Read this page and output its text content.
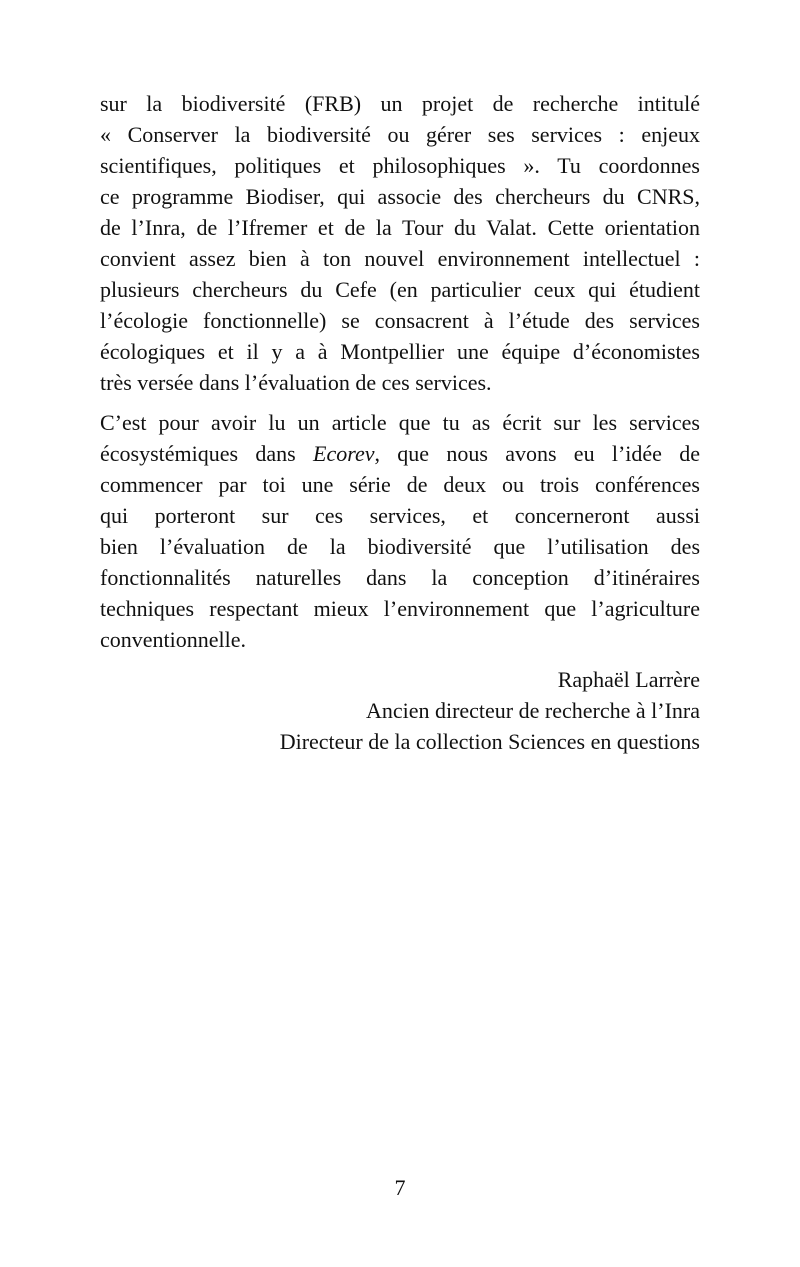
sur la biodiversité (FRB) un projet de recherche intitulé
« Conserver la biodiversité ou gérer ses services : enjeux
scientifiques, politiques et philosophiques ». Tu coordonnes
ce programme Biodiser, qui associe des chercheurs du CNRS,
de l’Inra, de l’Ifremer et de la Tour du Valat. Cette orientation
convient assez bien à ton nouvel environnement intellectuel :
plusieurs chercheurs du Cefe (en particulier ceux qui étudient
l’écologie fonctionnelle) se consacrent à l’étude des services
écologiques et il y a à Montpellier une équipe d’économistes
très versée dans l’évaluation de ces services.
C’est pour avoir lu un article que tu as écrit sur les services
écosystémiques dans Ecorev, que nous avons eu l’idée de
commencer par toi une série de deux ou trois conférences
qui porteront sur ces services, et concerneront aussi
bien l’évaluation de la biodiversité que l’utilisation des
fonctionnalités naturelles dans la conception d’itinéraires
techniques respectant mieux l’environnement que l’agriculture
conventionnelle.
Raphaël Larrère
Ancien directeur de recherche à l’Inra
Directeur de la collection Sciences en questions
7
